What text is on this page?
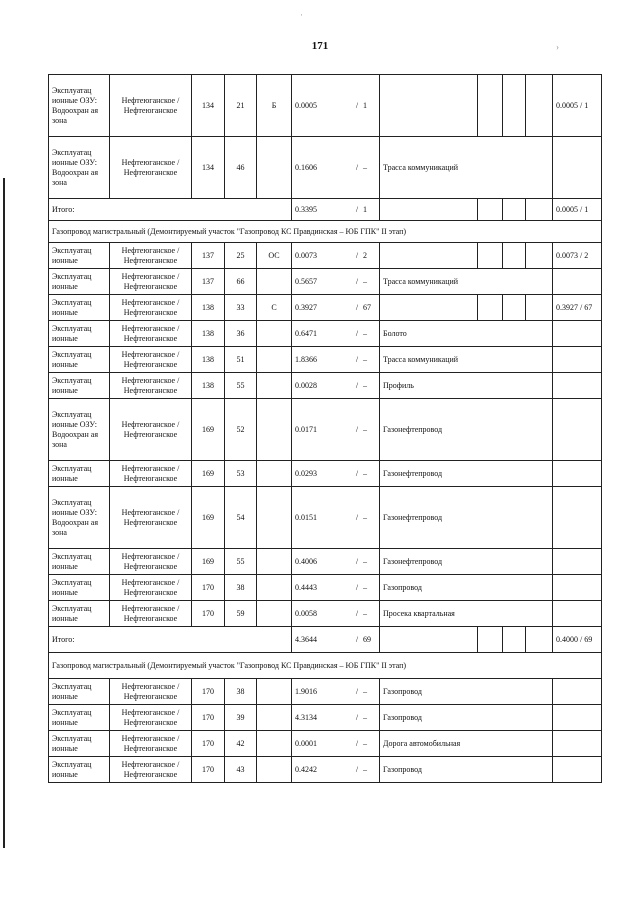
171
·
›
Эксплуатац ионные ОЗУ: Водоохран ая зона	Нефтеюганское / Нефтеюганское	134	21	Б	0.0005 / 1					0.0005 / 1
Эксплуатац ионные ОЗУ: Водоохран ая зона	Нефтеюганское / Нефтеюганское	134	46		0.1606 / –	Трасса коммуникаций				
Итого:					0.3395 / 1					0.0005 / 1
Газопровод магистральный (Демонтируемый участок "Газопровод КС Правдинская – ЮБ ГПК" II этап)										
Эксплуатац ионные	Нефтеюганское / Нефтеюганское	137	25	ОС	0.0073 / 2					0.0073 / 2
Эксплуатац ионные	Нефтеюганское / Нефтеюганское	137	66		0.5657 / –	Трасса коммуникаций				
Эксплуатац ионные	Нефтеюганское / Нефтеюганское	138	33	С	0.3927 / 67					0.3927 / 67
Эксплуатац ионные	Нефтеюганское / Нефтеюганское	138	36		0.6471 / –	Болото				
Эксплуатац ионные	Нефтеюганское / Нефтеюганское	138	51		1.8366 / –	Трасса коммуникаций				
Эксплуатац ионные	Нефтеюганское / Нефтеюганское	138	55		0.0028 / –	Профиль				
Эксплуатац ионные ОЗУ: Водоохран ая зона	Нефтеюганское / Нефтеюганское	169	52		0.0171 / –	Газонефтепровод				
Эксплуатац ионные	Нефтеюганское / Нефтеюганское	169	53		0.0293 / –	Газонефтепровод				
Эксплуатац ионные ОЗУ: Водоохран ая зона	Нефтеюганское / Нефтеюганское	169	54		0.0151 / –	Газонефтепровод				
Эксплуатац ионные	Нефтеюганское / Нефтеюганское	169	55		0.4006 / –	Газонефтепровод				
Эксплуатац ионные	Нефтеюганское / Нефтеюганское	170	38		0.4443 / –	Газопровод				
Эксплуатац ионные	Нефтеюганское / Нефтеюганское	170	59		0.0058 / –	Просека квартальная				
Итого:					4.3644 / 69					0.4000 / 69
Газопровод магистральный (Демонтируемый участок "Газопровод КС Правдинская – ЮБ ГПК" II этап)										
Эксплуатац ионные	Нефтеюганское / Нефтеюганское	170	38		1.9016 / –	Газопровод				
Эксплуатац ионные	Нефтеюганское / Нефтеюганское	170	39		4.3134 / –	Газопровод				
Эксплуатац ионные	Нефтеюганское / Нефтеюганское	170	42		0.0001 / –	Дорога автомобильная				
Эксплуатац ионные	Нефтеюганское / Нефтеюганское	170	43		0.4242 / –	Газопровод				
